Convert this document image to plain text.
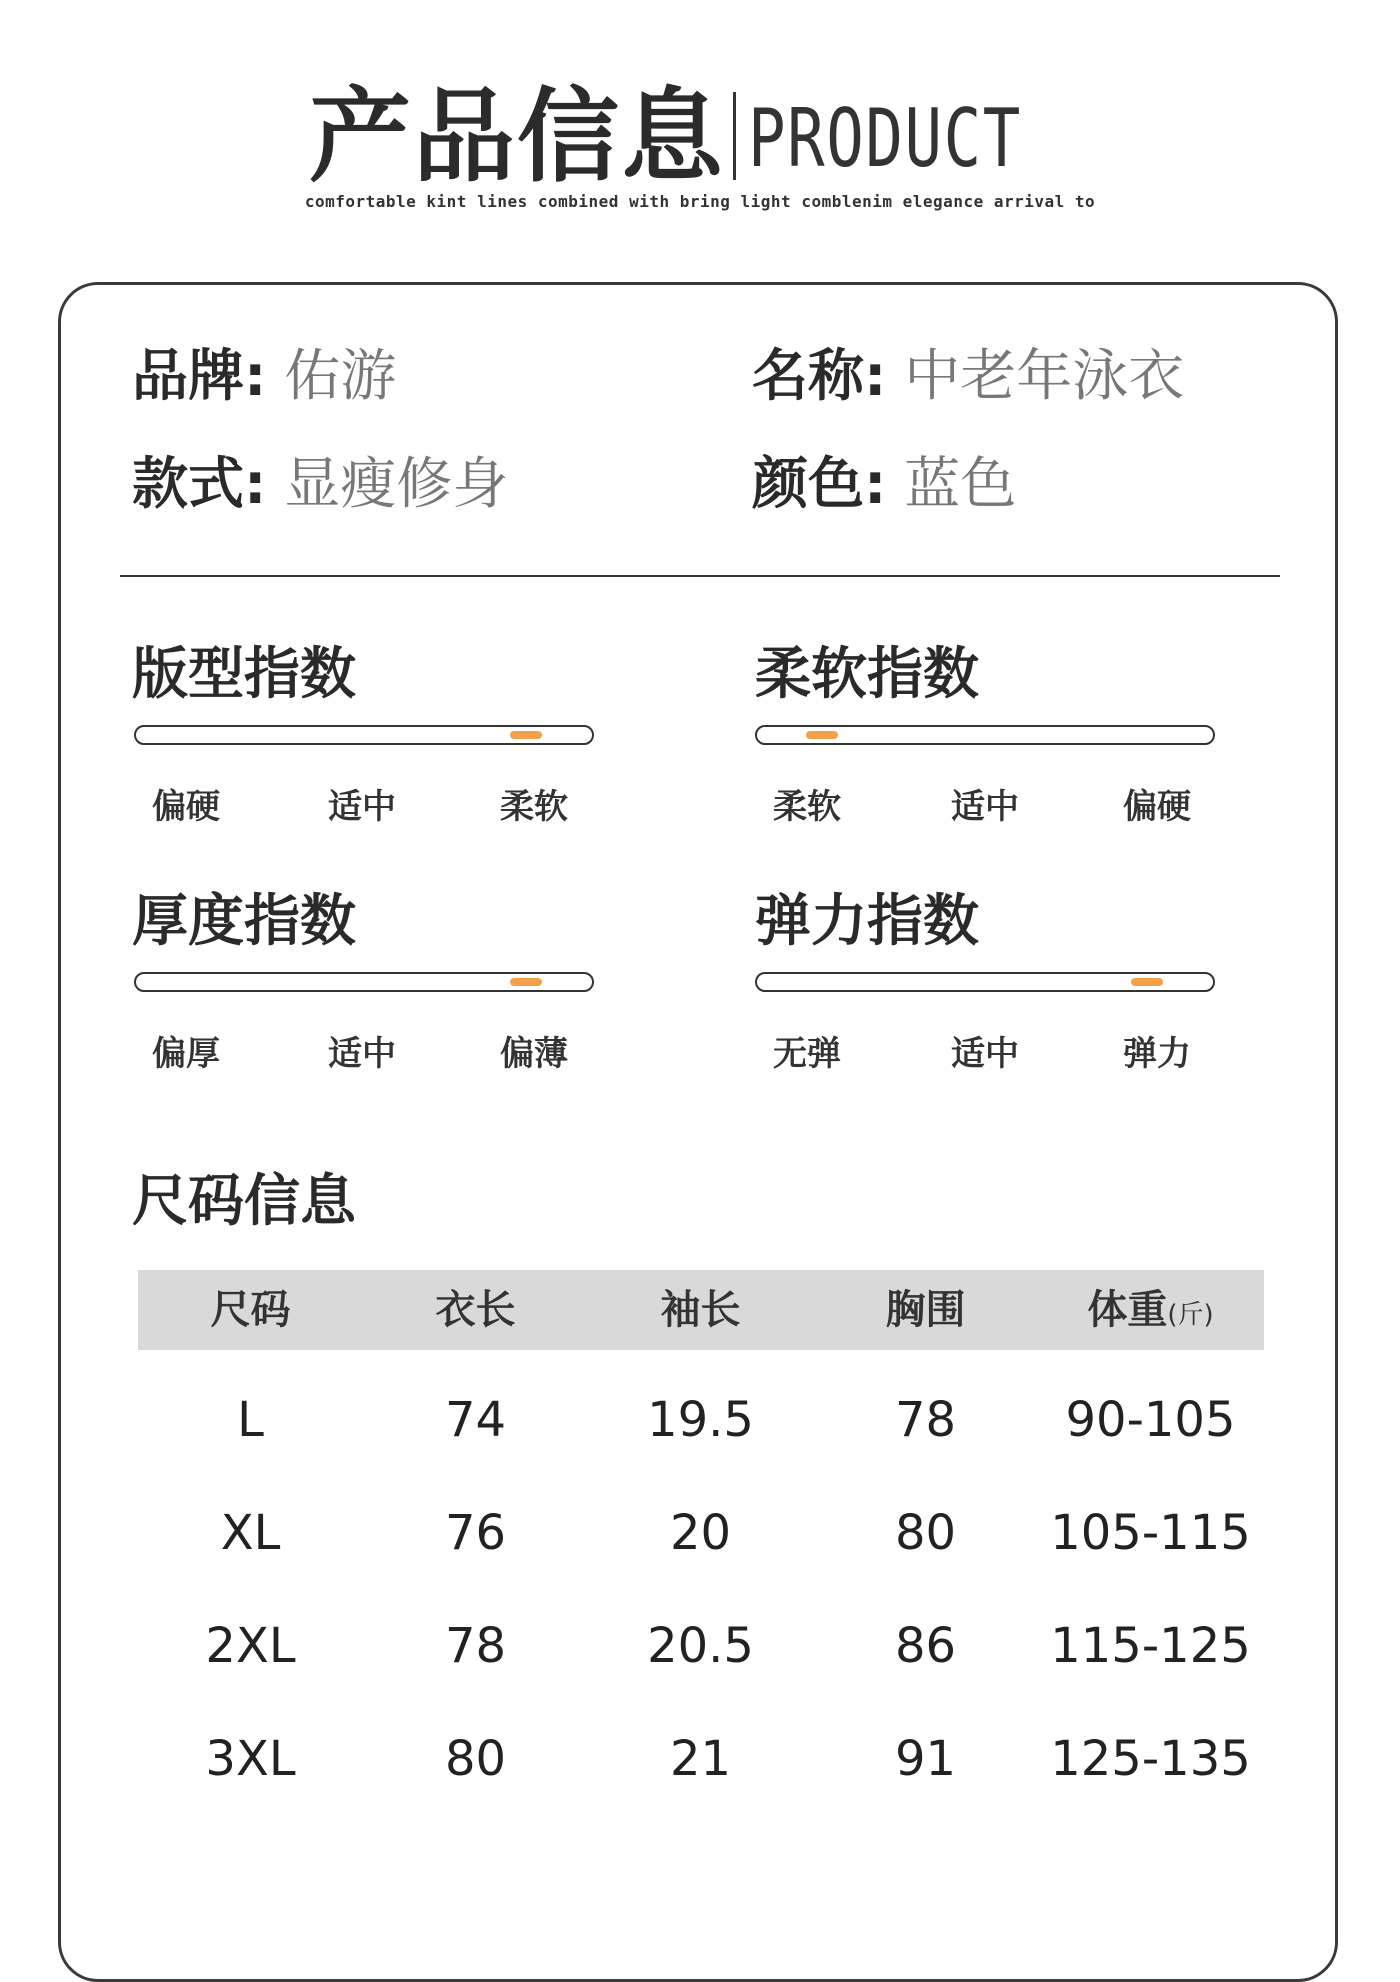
产品信息 PRODUCT
comfortable kint lines combined with bring light comblenim elegance arrival to
品牌: 佑游	名称: 中老年泳衣
款式: 显瘦修身	颜色: 蓝色
版型指数
偏硬	适中	柔软
柔软指数
柔软	适中	偏硬
厚度指数
偏厚	适中	偏薄
弹力指数
无弹	适中	弹力
尺码信息
尺码	衣长	袖长	胸围	体重(斤)
L	74	19.5	78	90-105
XL	76	20	80	105-115
2XL	78	20.5	86	115-125
3XL	80	21	91	125-135
